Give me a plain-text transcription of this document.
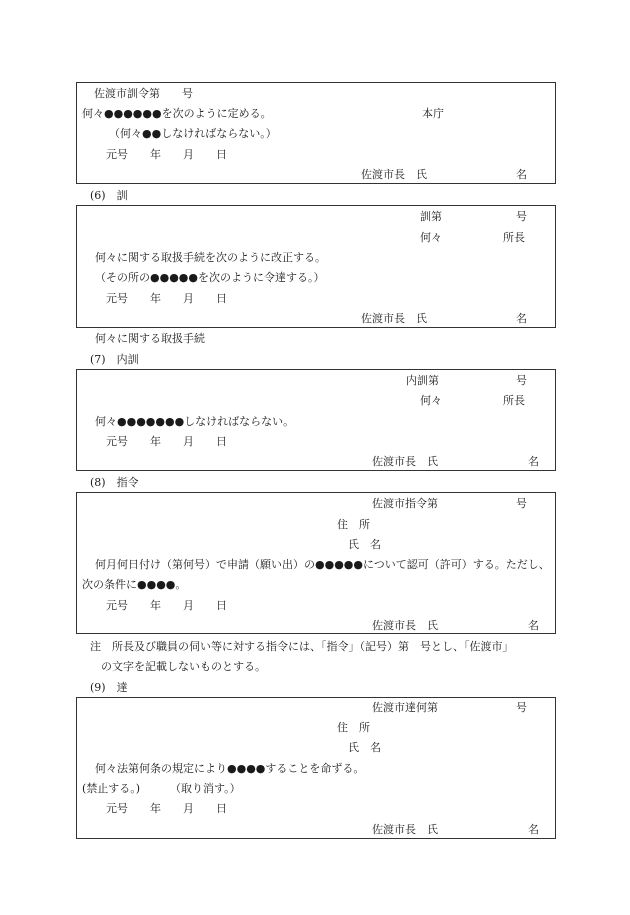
佐渡市訓令第　　号
何々●●●●●●を次のように定める。	本庁
（何々●●しなければならない。）
元号　　年　　月　　日
佐渡市長　氏	名
(6)　訓
訓第	号
何々	所長
何々に関する取扱手続を次のように改正する。
（その所の●●●●●を次のように令達する。）
元号　　年　　月　　日
佐渡市長　氏	名
何々に関する取扱手続
(7)　内訓
内訓第	号
何々	所長
何々●●●●●●●しなければならない。
元号　　年　　月　　日
佐渡市長　氏	名
(8)　指令
佐渡市指令第	号
住　所
氏　名
何月何日付け（第何号）で申請（願い出）の●●●●●について認可（許可）する。ただし、
次の条件に●●●●。
元号　　年　　月　　日
佐渡市長　氏	名
注　所長及び職員の伺い等に対する指令には、「指令」（記号）第　号とし、「佐渡市」
の文字を記載しないものとする。
(9)　達
佐渡市達何第	号
住　所
氏　名
何々法第何条の規定により●●●●することを命ずる。
(禁止する。)	（取り消す。）
元号　　年　　月　　日
佐渡市長　氏	名
